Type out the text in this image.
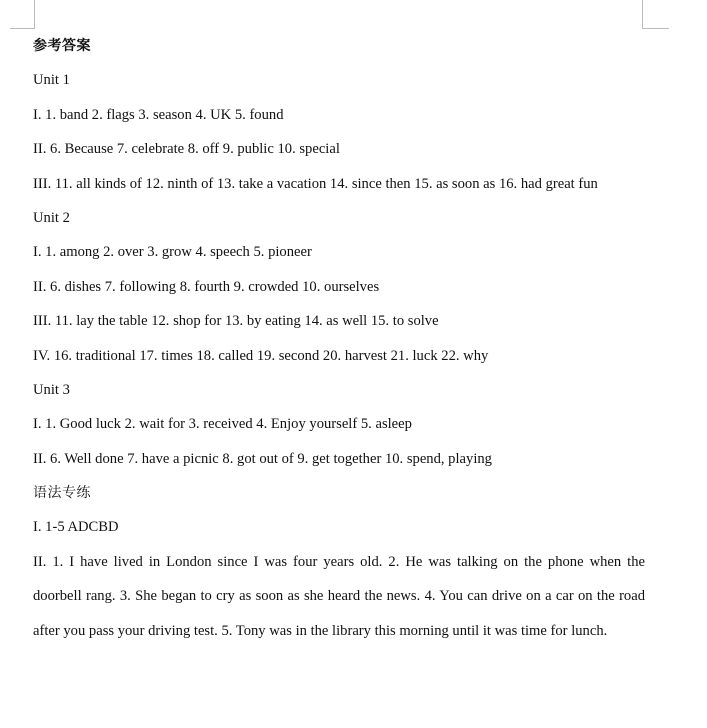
参考答案
Unit 1
I. 1. band 2. flags 3. season 4. UK 5. found
II. 6. Because 7. celebrate 8. off 9. public 10. special
III. 11. all kinds of 12. ninth of 13. take a vacation 14. since then 15. as soon as 16. had great fun
Unit 2
I. 1. among 2. over 3. grow 4. speech 5. pioneer
II. 6. dishes 7. following 8. fourth 9. crowded 10. ourselves
III. 11. lay the table 12. shop for 13. by eating 14. as well 15. to solve
IV. 16. traditional 17. times 18. called 19. second 20. harvest 21. luck 22. why
Unit 3
I. 1. Good luck 2. wait for 3. received 4. Enjoy yourself 5. asleep
II. 6. Well done 7. have a picnic 8. got out of 9. get together 10. spend, playing
语法专练
I. 1-5 ADCBD
II. 1. I have lived in London since I was four years old. 2. He was talking on the phone when the doorbell rang. 3. She began to cry as soon as she heard the news. 4. You can drive on a car on the road after you pass your driving test. 5. Tony was in the library this morning until it was time for lunch.
